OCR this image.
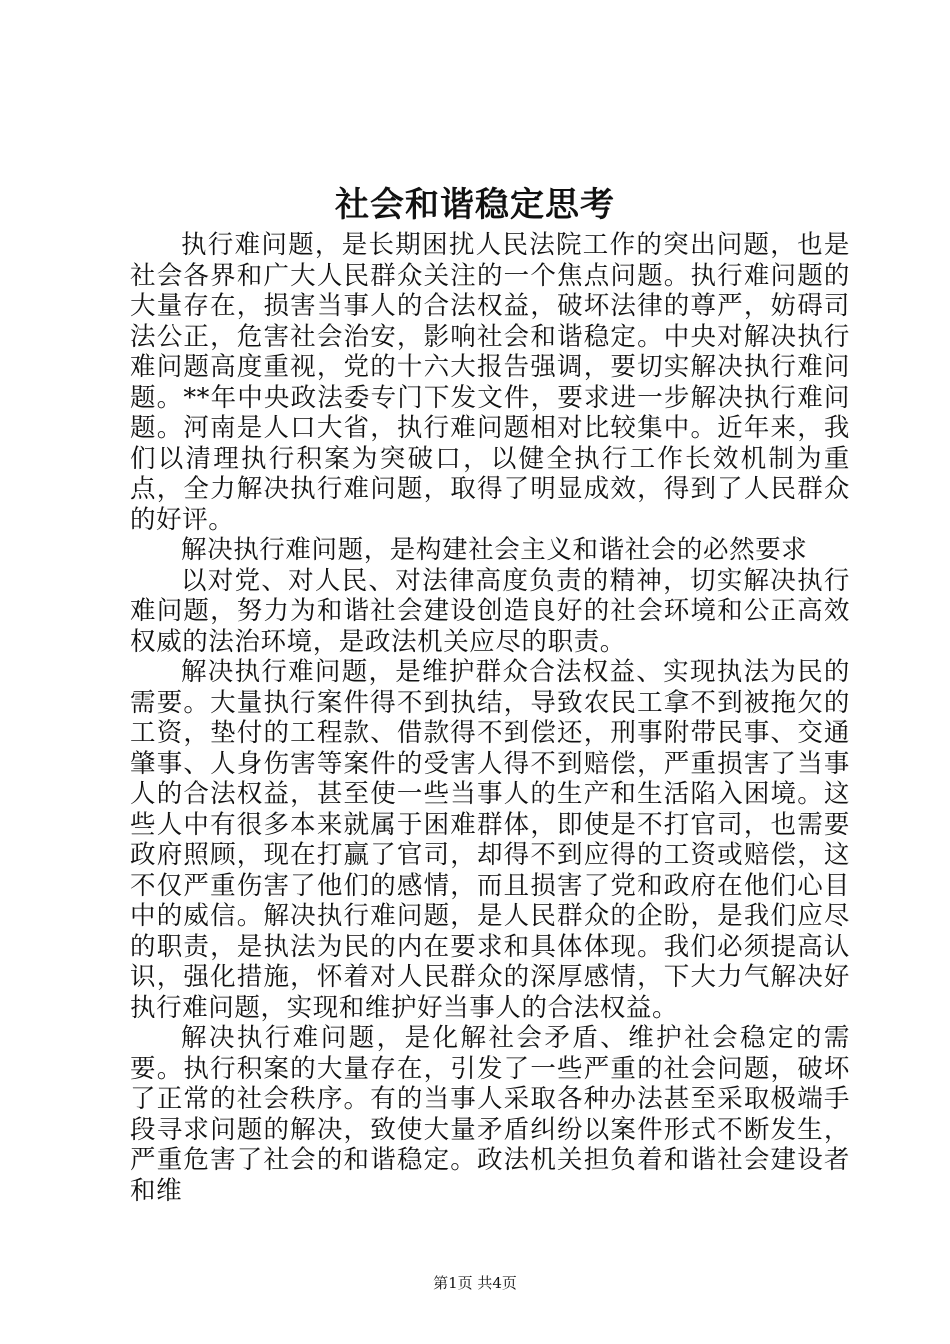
社会和谐稳定思考

执行难问题，是长期困扰人民法院工作的突出问题，也是社会各界和广大人民群众关注的一个焦点问题。执行难问题的大量存在，损害当事人的合法权益，破坏法律的尊严，妨碍司法公正，危害社会治安，影响社会和谐稳定。中央对解决执行难问题高度重视，党的十六大报告强调，要切实解决执行难问题。**年中央政法委专门下发文件，要求进一步解决执行难问题。河南是人口大省，执行难问题相对比较集中。近年来，我们以清理执行积案为突破口，以健全执行工作长效机制为重点，全力解决执行难问题，取得了明显成效，得到了人民群众的好评。

解决执行难问题，是构建社会主义和谐社会的必然要求

以对党、对人民、对法律高度负责的精神，切实解决执行难问题，努力为和谐社会建设创造良好的社会环境和公正高效权威的法治环境，是政法机关应尽的职责。

解决执行难问题，是维护群众合法权益、实现执法为民的需要。大量执行案件得不到执结，导致农民工拿不到被拖欠的工资，垫付的工程款、借款得不到偿还，刑事附带民事、交通肇事、人身伤害等案件的受害人得不到赔偿，严重损害了当事人的合法权益，甚至使一些当事人的生产和生活陷入困境。这些人中有很多本来就属于困难群体，即使是不打官司，也需要政府照顾，现在打赢了官司，却得不到应得的工资或赔偿，这不仅严重伤害了他们的感情，而且损害了党和政府在他们心目中的威信。解决执行难问题，是人民群众的企盼，是我们应尽的职责，是执法为民的内在要求和具体体现。我们必须提高认识，强化措施，怀着对人民群众的深厚感情，下大力气解决好执行难问题，实现和维护好当事人的合法权益。

解决执行难问题，是化解社会矛盾、维护社会稳定的需要。执行积案的大量存在，引发了一些严重的社会问题，破坏了正常的社会秩序。有的当事人采取各种办法甚至采取极端手段寻求问题的解决，致使大量矛盾纠纷以案件形式不断发生，严重危害了社会的和谐稳定。政法机关担负着和谐社会建设者和维

第1页 共4页
